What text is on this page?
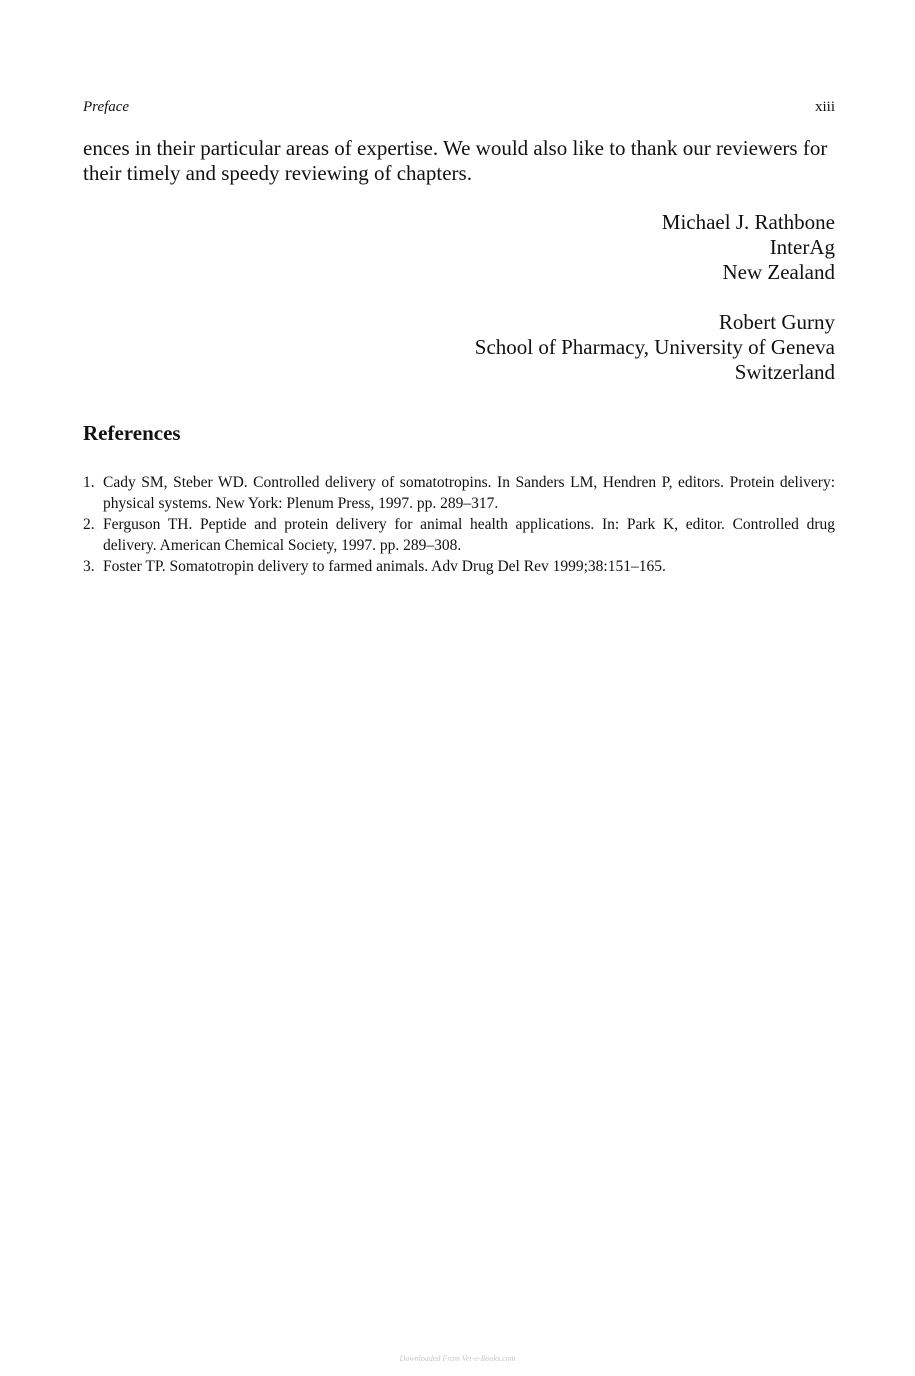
Preface	xiii

ences in their particular areas of expertise. We would also like to thank our reviewers for their timely and speedy reviewing of chapters.

Michael J. Rathbone
InterAg
New Zealand
Robert Gurny
School of Pharmacy, University of Geneva
Switzerland
References
1. Cady SM, Steber WD. Controlled delivery of somatotropins. In Sanders LM, Hendren P, editors. Protein delivery: physical systems. New York: Plenum Press, 1997. pp. 289–317.
2. Ferguson TH. Peptide and protein delivery for animal health applications. In: Park K, editor. Controlled drug delivery. American Chemical Society, 1997. pp. 289–308.
3. Foster TP. Somatotropin delivery to farmed animals. Adv Drug Del Rev 1999;38:151–165.
Downloaded From Vet-e-Books.com
